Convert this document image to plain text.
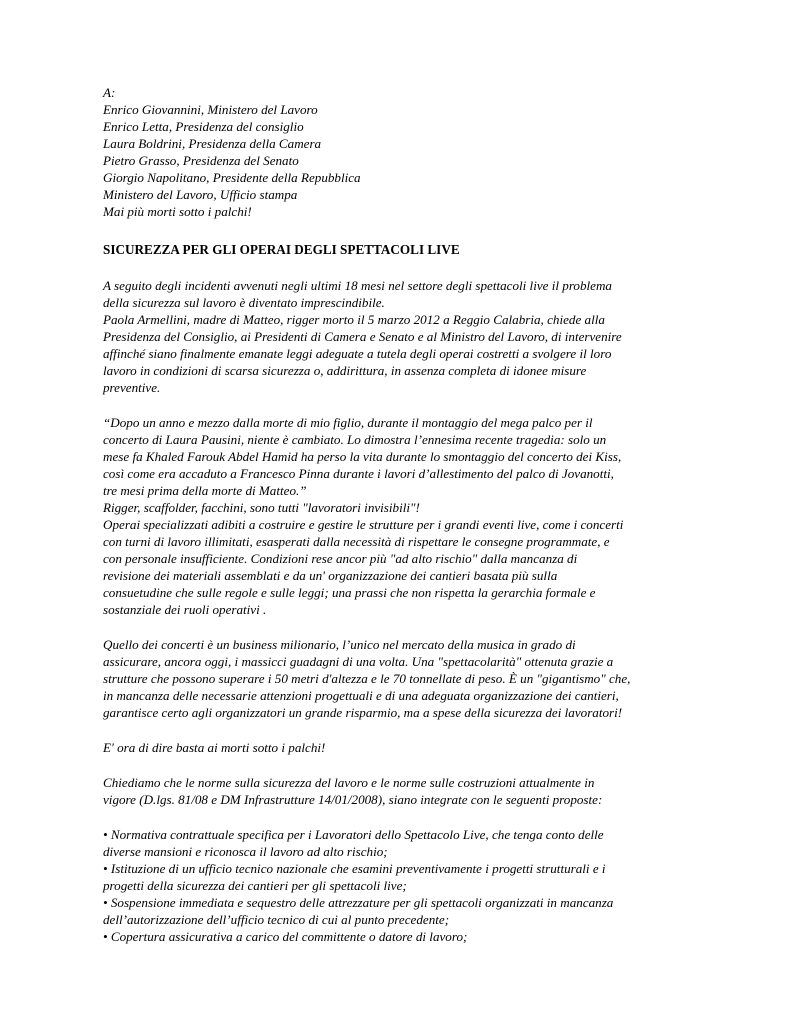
A:
Enrico Giovannini, Ministero del Lavoro
Enrico Letta, Presidenza del consiglio
Laura Boldrini, Presidenza della Camera
Pietro Grasso, Presidenza del Senato
Giorgio Napolitano, Presidente della Repubblica
Ministero del Lavoro, Ufficio stampa
Mai più morti sotto i palchi!
SICUREZZA PER GLI OPERAI DEGLI SPETTACOLI LIVE
A seguito degli incidenti avvenuti negli ultimi 18 mesi nel settore degli spettacoli live il problema
della sicurezza sul lavoro è diventato imprescindibile.
Paola Armellini, madre di Matteo, rigger morto il 5 marzo 2012 a Reggio Calabria, chiede alla
Presidenza del Consiglio, ai Presidenti di Camera e Senato e al Ministro del Lavoro, di intervenire
affinché siano finalmente emanate leggi adeguate a tutela degli operai costretti a svolgere il loro
lavoro in condizioni di scarsa sicurezza o, addirittura, in assenza completa di idonee misure
preventive.
“Dopo un anno e mezzo dalla morte di mio figlio, durante il montaggio del mega palco per il
concerto di Laura Pausini, niente è cambiato. Lo dimostra l’ennesima recente tragedia: solo un
mese fa Khaled Farouk Abdel Hamid ha perso la vita durante lo smontaggio del concerto dei Kiss,
così come era accaduto a Francesco Pinna durante i lavori d’allestimento del palco di Jovanotti,
tre mesi prima della morte di Matteo.”
Rigger, scaffolder, facchini, sono tutti "lavoratori invisibili"!
Operai specializzati adibiti a costruire e gestire le strutture per i grandi eventi live, come i concerti
con turni di lavoro illimitati, esasperati dalla necessità di rispettare le consegne programmate, e
con personale insufficiente. Condizioni rese ancor più "ad alto rischio" dalla mancanza di
revisione dei materiali assemblati e da un' organizzazione dei cantieri basata più sulla
consuetudine che sulle regole e sulle leggi; una prassi che non rispetta la gerarchia formale e
sostanziale dei ruoli operativi .
Quello dei concerti è un business milionario, l’unico nel mercato della musica in grado di
assicurare, ancora oggi, i massicci guadagni di una volta. Una "spettacolarità" ottenuta grazie a
strutture che possono superare i 50 metri d'altezza e le 70 tonnellate di peso. È un "gigantismo" che,
in mancanza delle necessarie attenzioni progettuali e di una adeguata organizzazione dei cantieri,
garantisce certo agli organizzatori un grande risparmio, ma a spese della sicurezza dei lavoratori!
E' ora di dire basta ai morti sotto i palchi!
Chiediamo che le norme sulla sicurezza del lavoro e le norme sulle costruzioni attualmente in
vigore (D.lgs. 81/08 e DM Infrastrutture 14/01/2008), siano integrate con le seguenti proposte:
• Normativa contrattuale specifica per i Lavoratori dello Spettacolo Live, che tenga conto delle
diverse mansioni e riconosca il lavoro ad alto rischio;
• Istituzione di un ufficio tecnico nazionale che esamini preventivamente i progetti strutturali e i
progetti della sicurezza dei cantieri per gli spettacoli live;
• Sospensione immediata e sequestro delle attrezzature per gli spettacoli organizzati in mancanza
dell’autorizzazione dell’ufficio tecnico di cui al punto precedente;
• Copertura assicurativa a carico del committente o datore di lavoro;
